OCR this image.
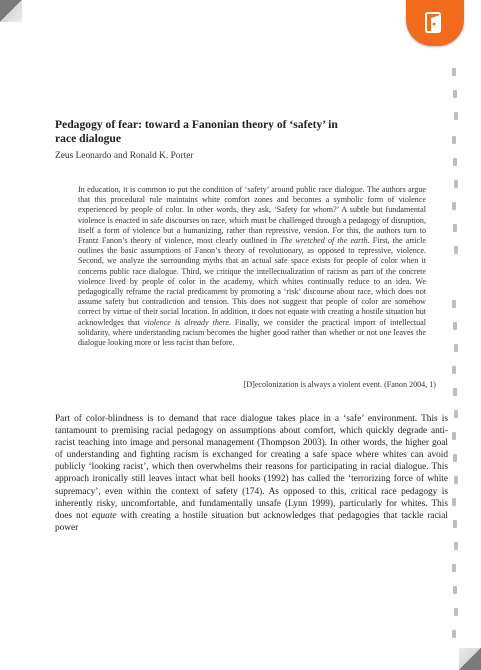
Pedagogy of fear: toward a Fanonian theory of ‘safety’ in
race dialogue

Zeus Leonardo and Ronald K. Porter

In education, it is common to put the condition of ‘safety’ around public race dialogue. The authors argue that this procedural rule maintains white comfort zones and becomes a symbolic form of violence experienced by people of color. In other words, they ask, ‘Safety for whom?’ A subtle but fundamental violence is enacted in safe discourses on race, which must be challenged through a pedagogy of disruption, itself a form of violence but a humanizing, rather than repressive, version. For this, the authors turn to Frantz Fanon’s theory of violence, most clearly outlined in The wretched of the earth. First, the article outlines the basic assumptions of Fanon’s theory of revolutionary, as opposed to repressive, violence. Second, we analyze the surrounding myths that an actual safe space exists for people of color when it concerns public race dialogue. Third, we critique the intellectualization of racism as part of the concrete violence lived by people of color in the academy, which whites continually reduce to an idea. We pedagogically reframe the racial predicament by promoting a ‘risk’ discourse about race, which does not assume safety but contradiction and tension. This does not suggest that people of color are somehow correct by virtue of their social location. In addition, it does not equate with creating a hostile situation but acknowledges that violence is already there. Finally, we consider the practical import of intellectual solidarity, where understanding racism becomes the higher good rather than whether or not one leaves the dialogue looking more or less racist than before.

[D]ecolonization is always a violent event. (Fanon 2004, 1)

Part of color-blindness is to demand that race dialogue takes place in a ‘safe’ environment. This is tantamount to premising racial pedagogy on assumptions about comfort, which quickly degrade anti-racist teaching into image and personal management (Thompson 2003). In other words, the higher goal of understanding and fighting racism is exchanged for creating a safe space where whites can avoid publicly ‘looking racist’, which then overwhelms their reasons for participating in racial dialogue. This approach ironically still leaves intact what bell hooks (1992) has called the ‘terrorizing force of white supremacy’, even within the context of safety (174). As opposed to this, critical race pedagogy is inherently risky, uncomfortable, and fundamentally unsafe (Lynn 1999), particularly for whites. This does not equate with creating a hostile situation but acknowledges that pedagogies that tackle racial power
